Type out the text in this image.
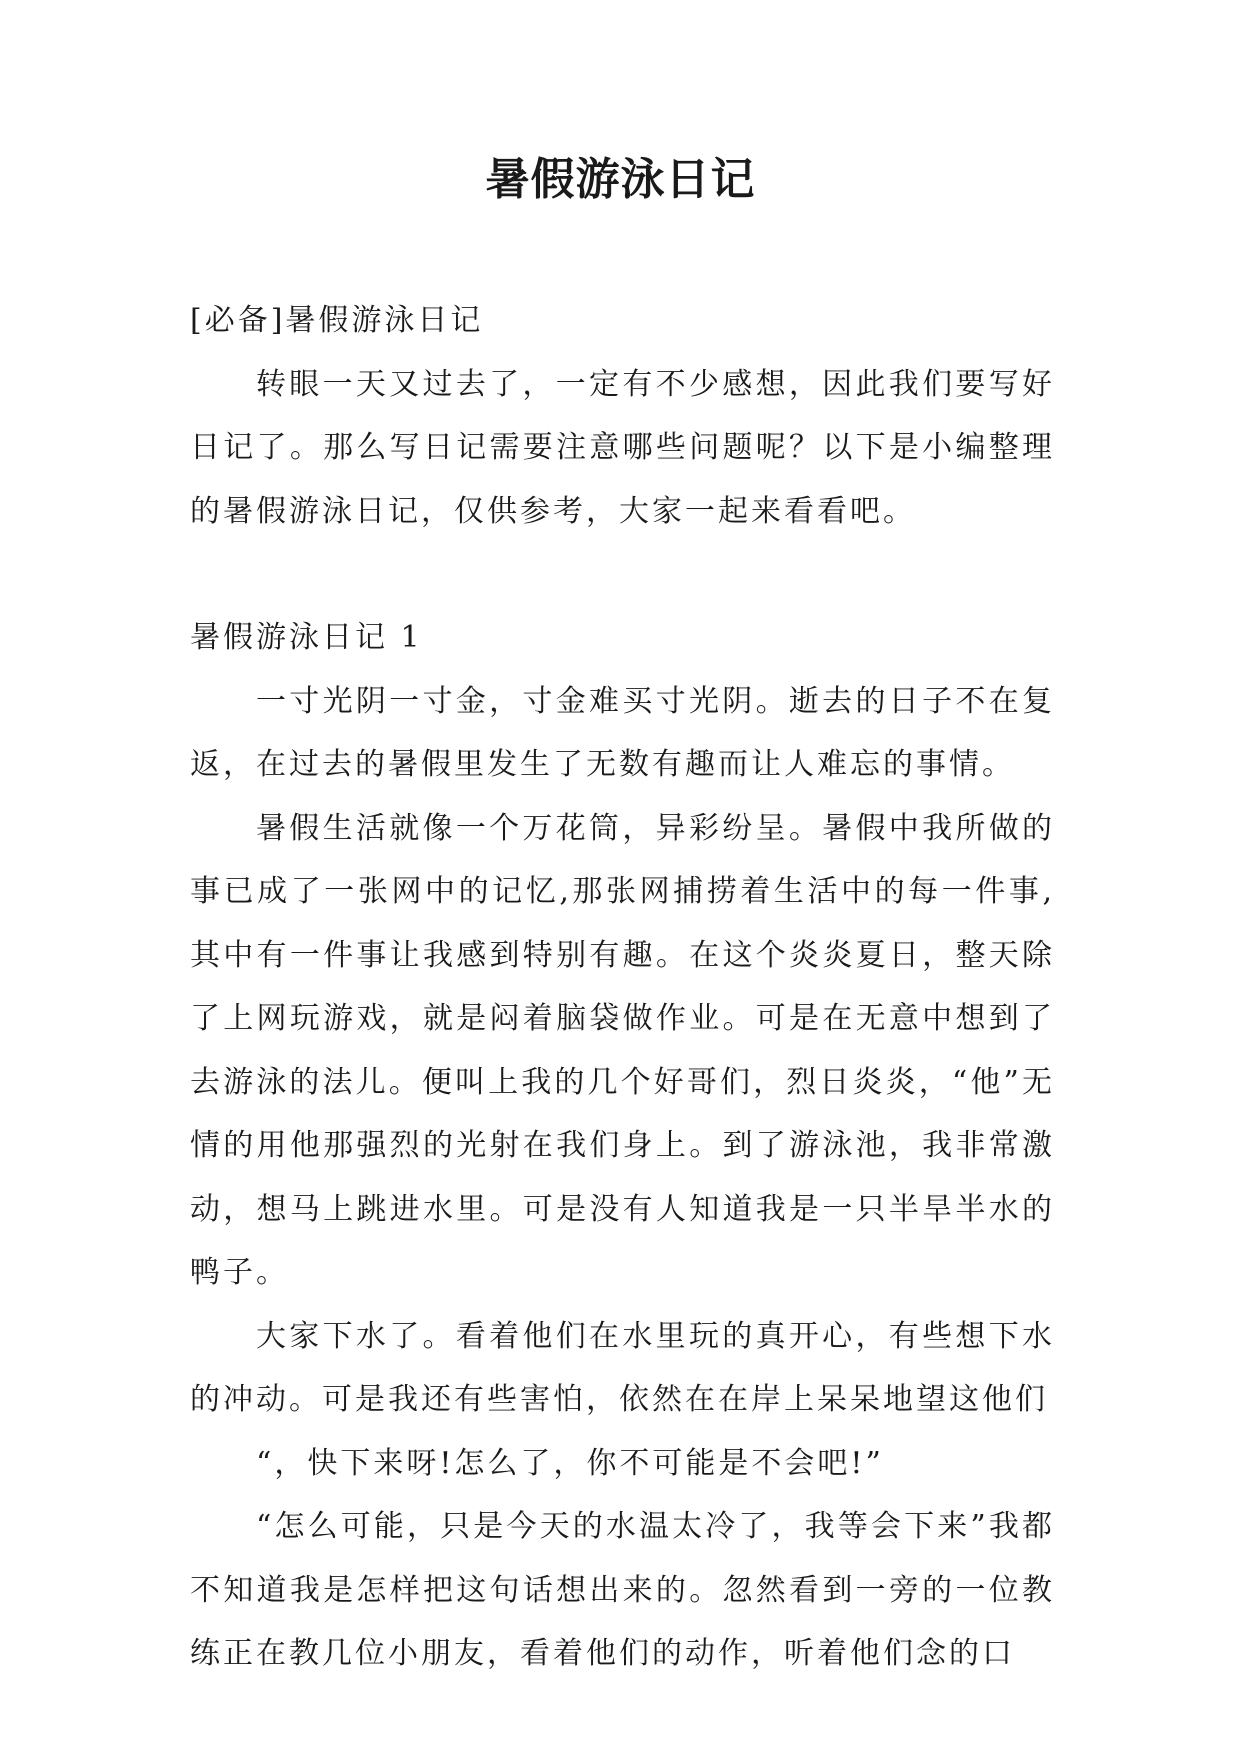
暑假游泳日记

[必备]暑假游泳日记

转眼一天又过去了，一定有不少感想，因此我们要写好日记了。那么写日记需要注意哪些问题呢？以下是小编整理的暑假游泳日记，仅供参考，大家一起来看看吧。

暑假游泳日记 1

一寸光阴一寸金，寸金难买寸光阴。逝去的日子不在复返，在过去的暑假里发生了无数有趣而让人难忘的事情。

暑假生活就像一个万花筒，异彩纷呈。暑假中我所做的事已成了一张网中的记忆,那张网捕捞着生活中的每一件事,其中有一件事让我感到特别有趣。在这个炎炎夏日，整天除了上网玩游戏，就是闷着脑袋做作业。可是在无意中想到了去游泳的法儿。便叫上我的几个好哥们，烈日炎炎，“他”无情的用他那强烈的光射在我们身上。到了游泳池，我非常激动，想马上跳进水里。可是没有人知道我是一只半旱半水的鸭子。

大家下水了。看着他们在水里玩的真开心，有些想下水的冲动。可是我还有些害怕，依然在在岸上呆呆地望这他们

“，快下来呀!怎么了，你不可能是不会吧!”

“怎么可能，只是今天的水温太冷了，我等会下来”我都不知道我是怎样把这句话想出来的。忽然看到一旁的一位教练正在教几位小朋友，看着他们的动作，听着他们念的口
